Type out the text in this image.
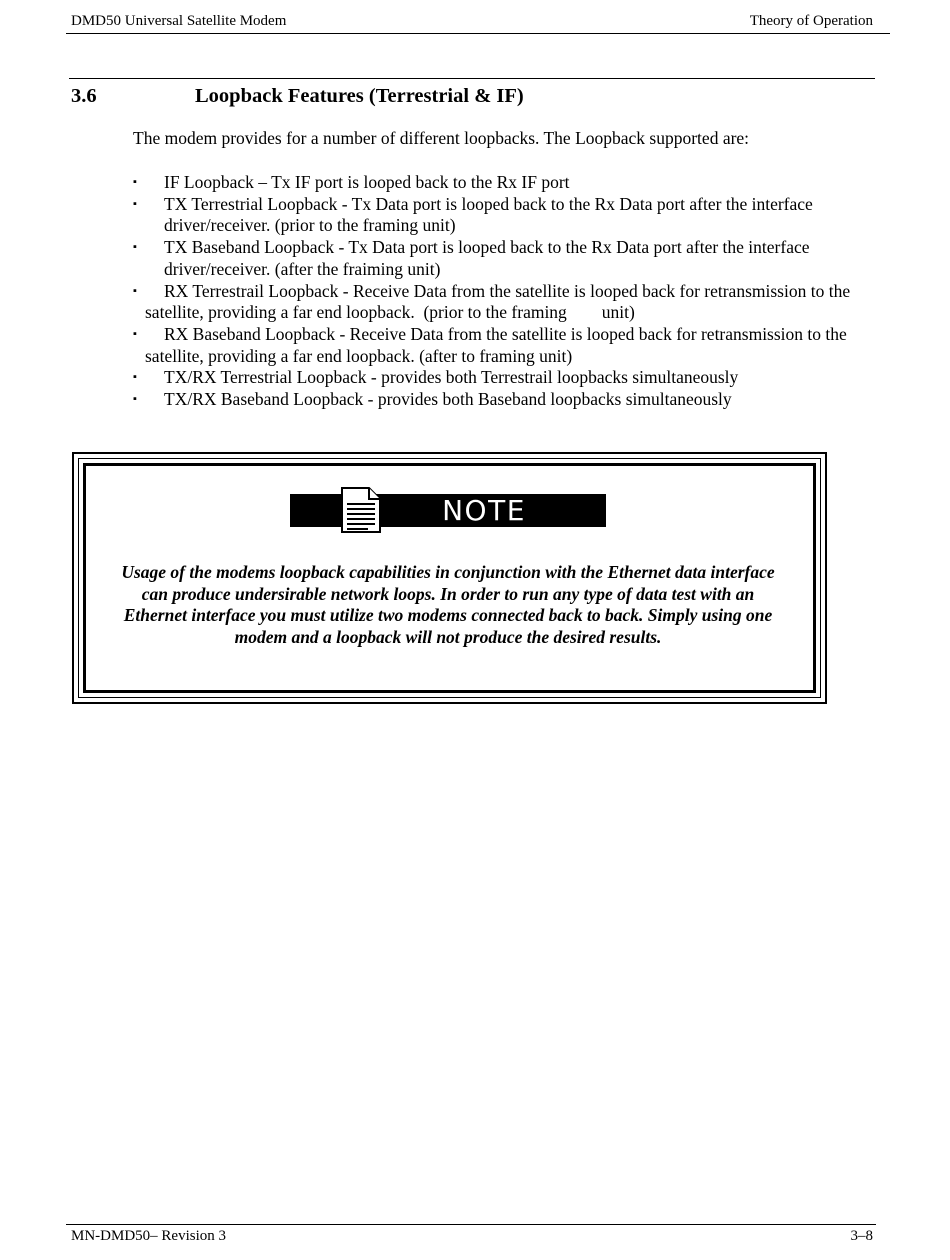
DMD50 Universal Satellite Modem	Theory of Operation
3.6	Loopback Features (Terrestrial & IF)

The modem provides for a number of different loopbacks. The Loopback supported are:

▪	IF Loopback – Tx IF port is looped back to the Rx IF port
▪	TX Terrestrial Loopback - Tx Data port is looped back to the Rx Data port after the interface driver/receiver. (prior to the framing unit)
▪	TX Baseband Loopback - Tx Data port is looped back to the Rx Data port after the interface driver/receiver. (after the fraiming unit)
▪	RX Terrestrail Loopback - Receive Data from the satellite is looped back for retransmission to the satellite, providing a far end loopback.  (prior to the framing        unit)
▪	RX Baseband Loopback - Receive Data from the satellite is looped back for retransmission to the satellite, providing a far end loopback. (after to framing unit)
▪	TX/RX Terrestrial Loopback - provides both Terrestrail loopbacks simultaneously
▪	TX/RX Baseband Loopback - provides both Baseband loopbacks simultaneously
NOTE
Usage of the modems loopback capabilities in conjunction with the Ethernet data interface can produce undersirable network loops. In order to run any type of data test with an Ethernet interface you must utilize two modems connected back to back. Simply using one modem and a loopback will not produce the desired results.
MN-DMD50– Revision 3	3–8
